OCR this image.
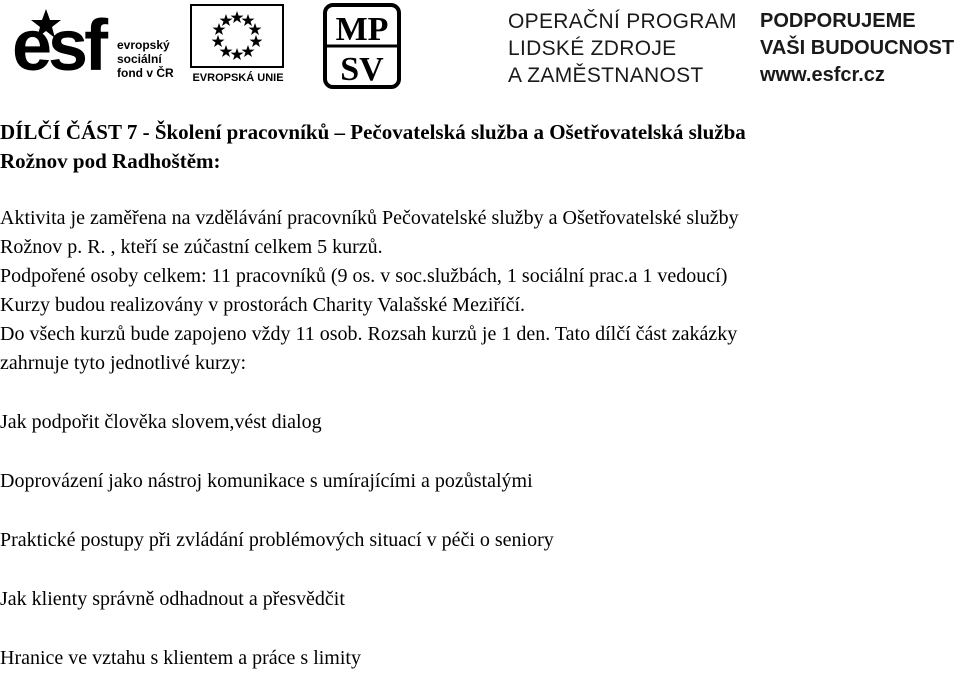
esf evropský
sociální
fond v ČR	EVROPSKÁ UNIE
MP
SV
OPERAČNÍ PROGRAM
LIDSKÉ ZDROJE
A ZAMĚSTNANOST
PODPORUJEME
VAŠI BUDOUCNOST
www.esfcr.cz

DÍLČÍ ČÁST 7 - Školení pracovníků – Pečovatelská služba a Ošetřovatelská služba

Rožnov pod Radhoštěm:

Aktivita je zaměřena na vzdělávání pracovníků Pečovatelské služby a Ošetřovatelské služby

Rožnov p. R. , kteří se zúčastní celkem 5 kurzů.

Podpořené osoby celkem: 11 pracovníků (9 os. v soc.službách, 1 sociální prac.a 1 vedoucí)

Kurzy budou realizovány v prostorách Charity Valašské Meziříčí.

Do všech kurzů bude zapojeno vždy 11 osob. Rozsah kurzů je 1 den. Tato dílčí část zakázky

zahrnuje tyto jednotlivé kurzy:

Jak podpořit člověka slovem,vést dialog

Doprovázení jako nástroj komunikace s umírajícími a pozůstalými

Praktické postupy při zvládání problémových situací v péči o seniory

Jak klienty správně odhadnout a přesvědčit

Hranice ve vztahu s klientem a práce s limity
